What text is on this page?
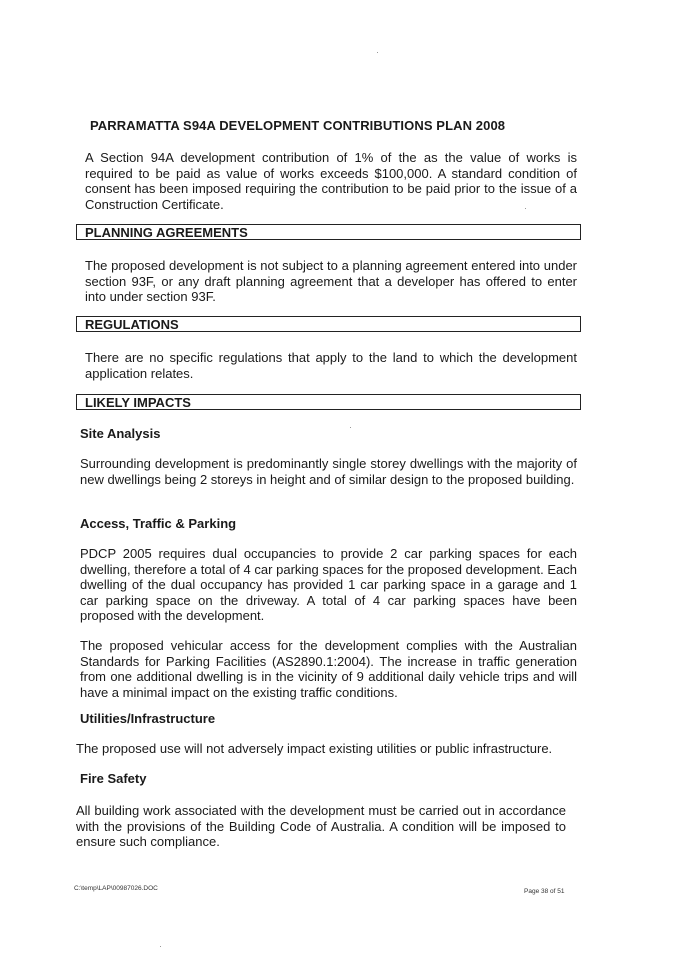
PARRAMATTA S94A DEVELOPMENT CONTRIBUTIONS PLAN 2008

A Section 94A development contribution of 1% of the as the value of works is required to be paid as value of works exceeds $100,000. A standard condition of consent has been imposed requiring the contribution to be paid prior to the issue of a Construction Certificate.

PLANNING AGREEMENTS

The proposed development is not subject to a planning agreement entered into under section 93F, or any draft planning agreement that a developer has offered to enter into under section 93F.

REGULATIONS

There are no specific regulations that apply to the land to which the development application relates.

LIKELY IMPACTS
Site Analysis

Surrounding development is predominantly single storey dwellings with the majority of new dwellings being 2 storeys in height and of similar design to the proposed building.

Access, Traffic & Parking

PDCP 2005 requires dual occupancies to provide 2 car parking spaces for each dwelling, therefore a total of 4 car parking spaces for the proposed development. Each dwelling of the dual occupancy has provided 1 car parking space in a garage and 1 car parking space on the driveway. A total of 4 car parking spaces have been proposed with the development.

The proposed vehicular access for the development complies with the Australian Standards for Parking Facilities (AS2890.1:2004). The increase in traffic generation from one additional dwelling is in the vicinity of 9 additional daily vehicle trips and will have a minimal impact on the existing traffic conditions.

Utilities/Infrastructure

The proposed use will not adversely impact existing utilities or public infrastructure.

Fire Safety

All building work associated with the development must be carried out in accordance with the provisions of the Building Code of Australia. A condition will be imposed to ensure such compliance.

C:\temp\LAP\00987026.DOC	Page 38 of 51
